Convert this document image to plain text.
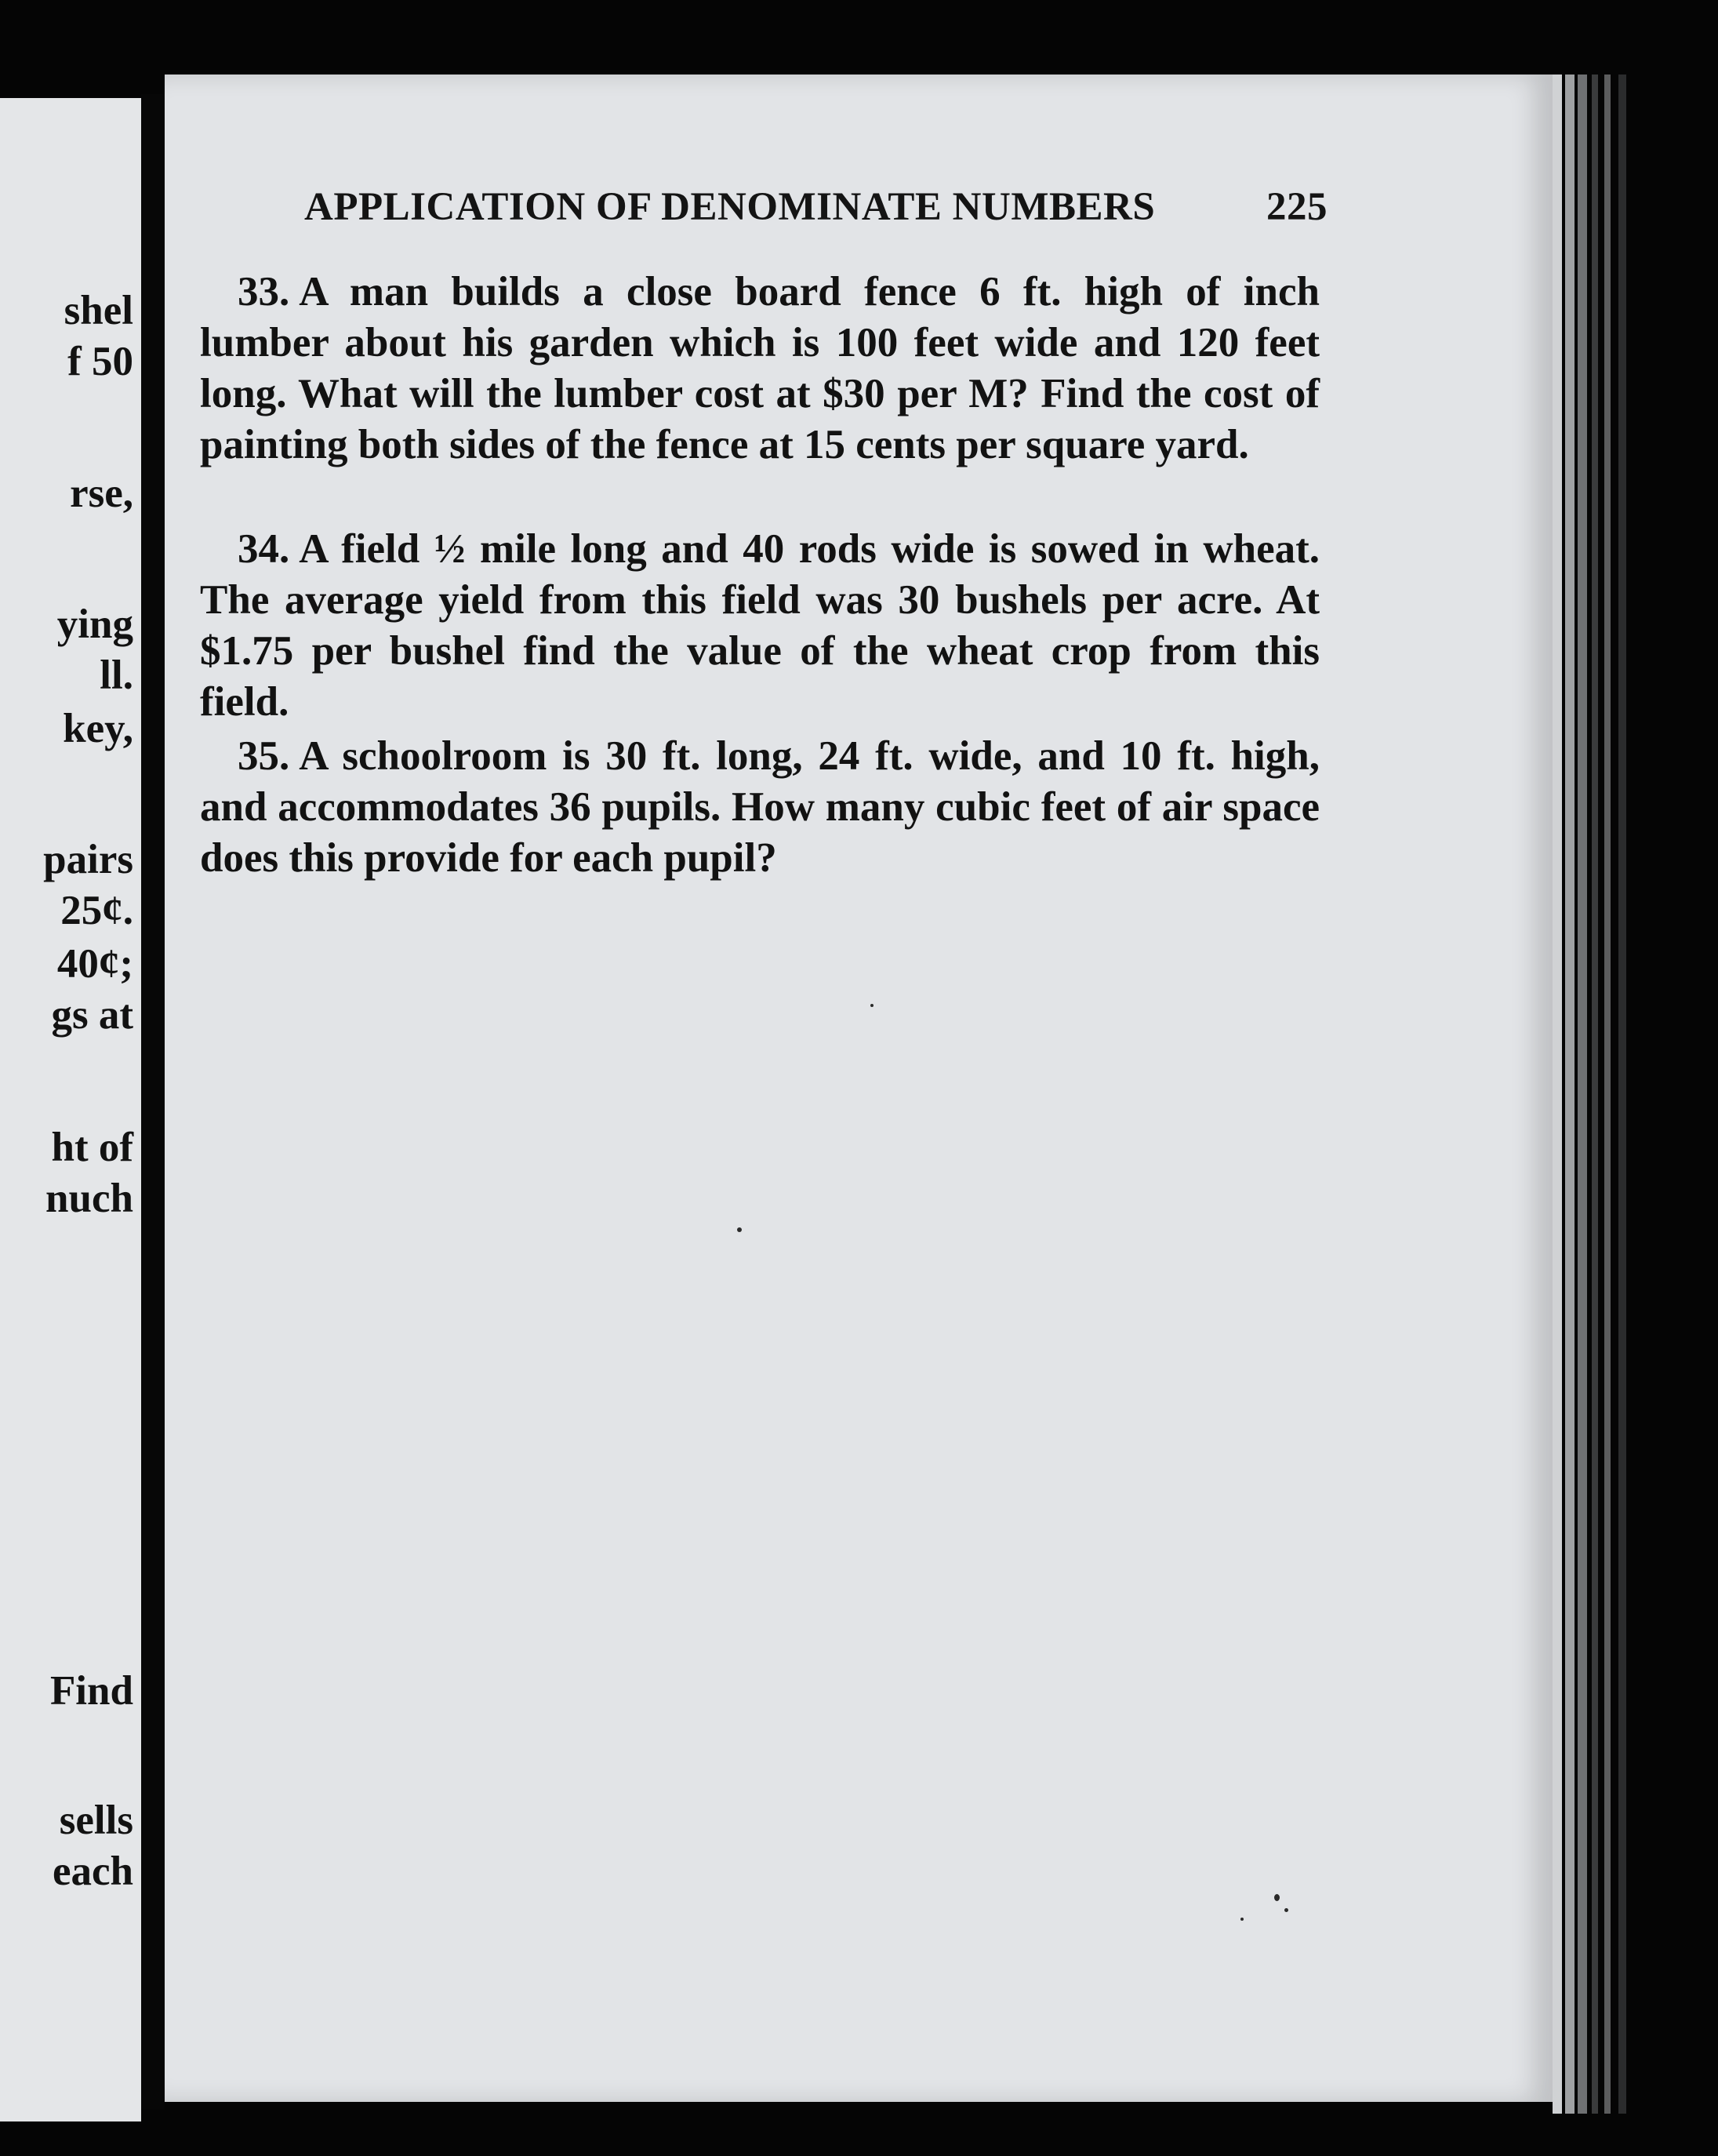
shel
f 50
rse,
ying
ll.
key,
pairs
25¢.
40¢;
gs at
ht of
nuch
Find
sells
each
APPLICATION OF DENOMINATE NUMBERS	225
33. A man builds a close board fence 6 ft. high of inch lumber about his garden which is 100 feet wide and 120 feet long. What will the lumber cost at $30 per M? Find the cost of painting both sides of the fence at 15 cents per square yard.
34. A field ½ mile long and 40 rods wide is sowed in wheat. The average yield from this field was 30 bushels per acre. At $1.75 per bushel find the value of the wheat crop from this field.
35. A schoolroom is 30 ft. long, 24 ft. wide, and 10 ft. high, and accommodates 36 pupils. How many cubic feet of air space does this provide for each pupil?
